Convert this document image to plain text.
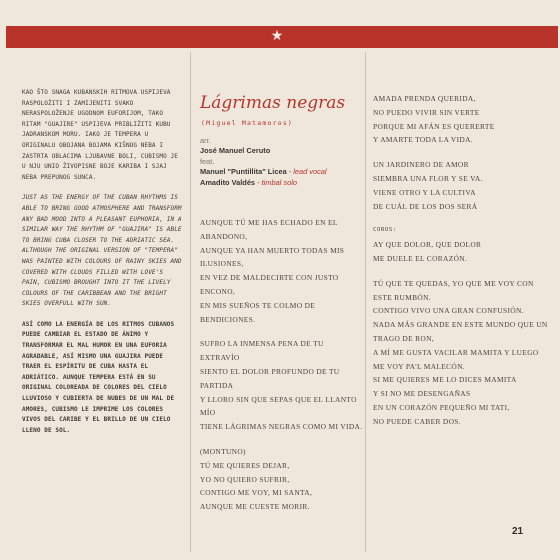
★

KAO ŠTO SNAGA KUBANSKIH RITMOVA USPIJEVA RASPOLOŽITI I ZAMIJENITI SVAKO NERASPOLOŽENJE UGODNOM EUFORIJOM, TAKO RITAM "GUAJIRE" USPIJEVA PRIBLIŽITI KUBU JADRANSKOM MORU. IAKO JE TEMPERA U ORIGINALU OBOJANA BOJAMA KIŠNOG NEBA I ZASTRTA OBLACIMA LJUBAVNE BOLI, CUBISMO JE U NJU UNIO ŽIVOPISNE BOJE KARIBA I SJAJ NEBA PREPUNOG SUNCA.

JUST AS THE ENERGY OF THE CUBAN RHYTHMS IS ABLE TO BRING GOOD ATMOSPHERE AND TRANSFORM ANY BAD MOOD INTO A PLEASANT EUPHORIA, IN A SIMILAR WAY THE RHYTHM OF "GUAJIRA" IS ABLE TO BRING CUBA CLOSER TO THE ADRIATIC SEA. ALTHOUGH THE ORIGINAL VERSION OF "TEMPERA" WAS PAINTED WITH COLOURS OF RAINY SKIES AND COVERED WITH CLOUDS FILLED WITH LOVE'S PAIN, CUBISMO BROUGHT INTO IT THE LIVELY COLOURS OF THE CARIBBEAN AND THE BRIGHT SKIES OVERFULL WITH SUN.

ASÍ COMO LA ENERGÍA DE LOS RITMOS CUBANOS PUEDE CAMBIAR EL ESTADO DE ÁNIMO Y TRANSFORMAR EL MAL HUMOR EN UNA EUFORIA AGRADABLE, ASÍ MISMO UNA GUAJIRA PUEDE TRAER EL ESPÍRITU DE CUBA HASTA EL ADRIÁTICO. AUNQUE TEMPERA ESTÁ EN SU ORIGINAL COLOREADA DE COLORES DEL CIELO LLUVIOSO Y CUBIERTA DE NUBES DE UN MAL DE AMORES, CUBISMO LE IMPRIME LOS COLORES VIVOS DEL CARIBE Y EL BRILLO DE UN CIELO LLENO DE SOL.

Lágrimas negras
(Miguel Matamoros)
arr.
José Manuel Ceruto
feat.
Manuel "Puntillita" Licea - lead vocal
Amadito Valdés - timbal solo

AUNQUE TÚ ME HAS ECHADO EN EL

ABANDONO,

AUNQUE YA HAN MUERTO TODAS MIS

ILUSIONES,

EN VEZ DE MALDECIRTE CON JUSTO ENCONO,

EN MIS SUEÑOS TE COLMO DE BENDICIONES.

SUFRO LA INMENSA PENA DE TU EXTRAVÍO

SIENTO EL DOLOR PROFUNDO DE TU PARTIDA

Y LLORO SIN QUE SEPAS QUE EL LLANTO MÍO

TIENE LÁGRIMAS NEGRAS COMO MI VIDA.

(MONTUNO)

TÚ ME QUIERES DEJAR,

YO NO QUIERO SUFRIR,

CONTIGO ME VOY, MI SANTA,

AUNQUE ME CUESTE MORIR.

AMADA PRENDA QUERIDA,

NO PUEDO VIVIR SIN VERTE

PORQUE MI AFÁN ES QUERERTE

Y AMARTE TODA LA VIDA.

UN JARDINERO DE AMOR

SIEMBRA UNA FLOR Y SE VA.

VIENE OTRO Y LA CULTIVA

DE CUÁL DE LOS DOS SERÁ

COROS:

AY QUE DOLOR, QUE DOLOR

ME DUELE EL CORAZÓN.

TÚ QUE TE QUEDAS, YO QUE ME VOY CON

ESTE RUMBÓN.

CONTIGO VIVO UNA GRAN CONFUSIÓN.

NADA MÁS GRANDE EN ESTE MUNDO QUE UN

TRAGO DE RON,

A MÍ ME GUSTA VACILAR MAMITA Y LUEGO

ME VOY PA'L MALECÓN.

SI ME QUIERES ME LO DICES MAMITA

Y SI NO ME DESENGAÑAS

EN UN CORAZÓN PEQUEÑO MI TATI,

NO PUEDE CABER DOS.

21
